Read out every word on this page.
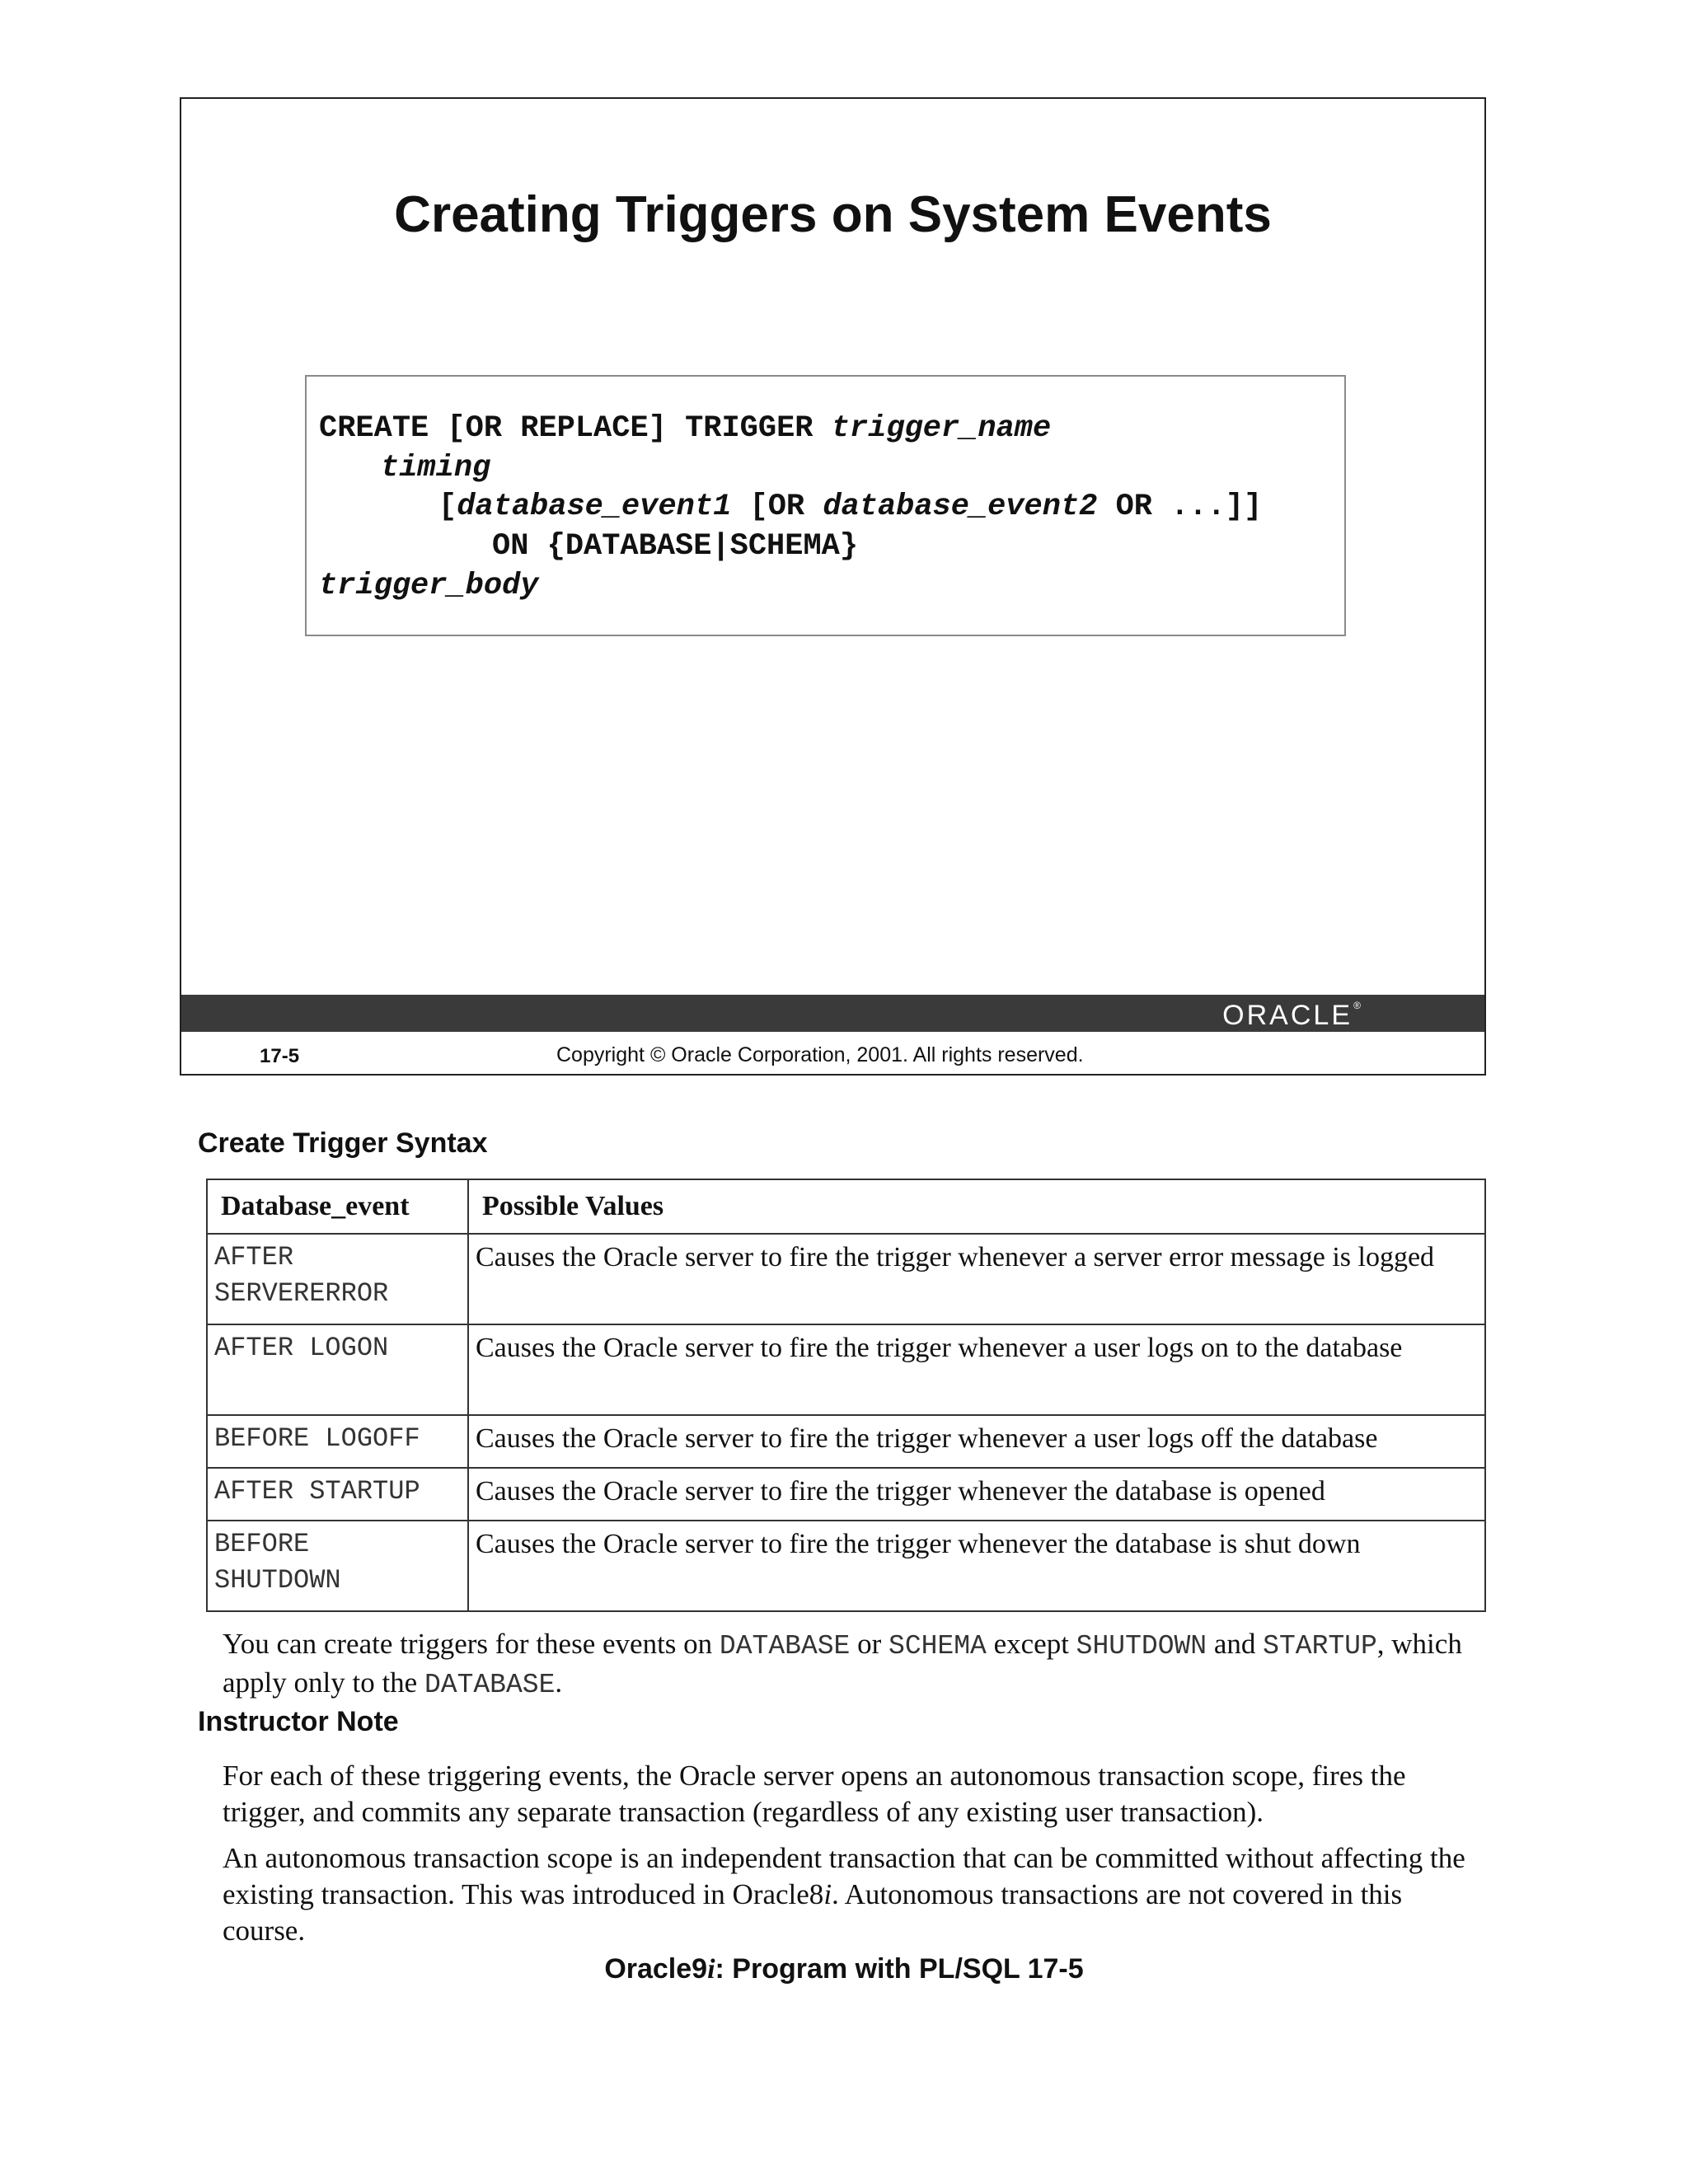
Creating Triggers on System Events
CREATE [OR REPLACE] TRIGGER trigger_name
timing
[database_event1 [OR database_event2 OR ...]]
ON {DATABASE|SCHEMA}
trigger_body
ORACLE ®
17-5	Copyright © Oracle Corporation, 2001. All rights reserved.
Create Trigger Syntax
Database_event	Possible Values

AFTER SERVERERROR	Causes the Oracle server to fire the trigger whenever a server error message is logged
AFTER LOGON	Causes the Oracle server to fire the trigger whenever a user logs on to the database
BEFORE LOGOFF	Causes the Oracle server to fire the trigger whenever a user logs off the database
AFTER STARTUP	Causes the Oracle server to fire the trigger whenever the database is opened

BEFORE SHUTDOWN	Causes the Oracle server to fire the trigger whenever the database is shut down
You can create triggers for these events on DATABASE or SCHEMA except SHUTDOWN and STARTUP, which apply only to the DATABASE.
Instructor Note
For each of these triggering events, the Oracle server opens an autonomous transaction scope, fires the trigger, and commits any separate transaction (regardless of any existing user transaction).
An autonomous transaction scope is an independent transaction that can be committed without affecting the existing transaction. This was introduced in Oracle8i. Autonomous transactions are not covered in this course.
Oracle9i: Program with PL/SQL 17-5
